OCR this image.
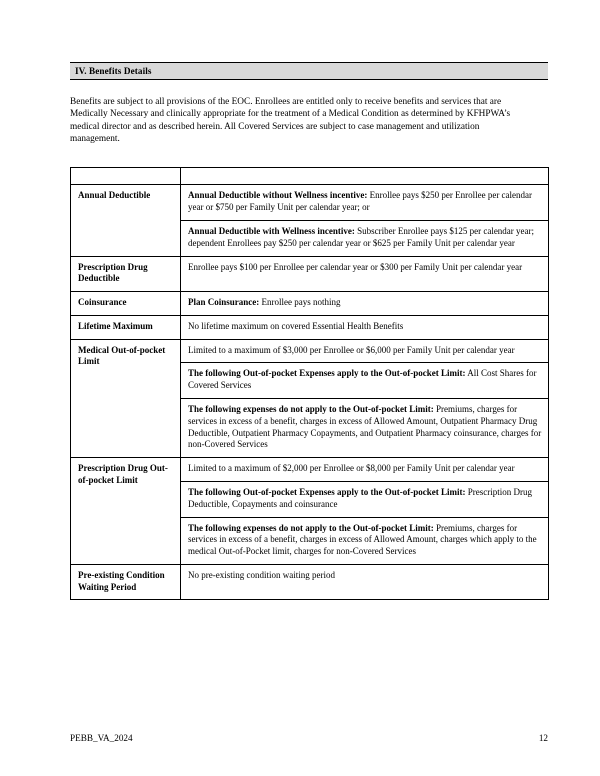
IV. Benefits Details

Benefits are subject to all provisions of the EOC. Enrollees are entitled only to receive benefits and services that are Medically Necessary and clinically appropriate for the treatment of a Medical Condition as determined by KFHPWA’s medical director and as described herein. All Covered Services are subject to case management and utilization management.

Annual Deductible	Annual Deductible without Wellness incentive: Enrollee pays $250 per Enrollee per calendar year or $750 per Family Unit per calendar year; or

	Annual Deductible with Wellness incentive: Subscriber Enrollee pays $125 per calendar year; dependent Enrollees pay $250 per calendar year or $625 per Family Unit per calendar year

Prescription Drug Deductible	Enrollee pays $100 per Enrollee per calendar year or $300 per Family Unit per calendar year
Coinsurance	Plan Coinsurance: Enrollee pays nothing

Lifetime Maximum	No lifetime maximum on covered Essential Health Benefits
Medical Out-of-pocket Limit	Limited to a maximum of $3,000 per Enrollee or $6,000 per Family Unit per calendar year

	The following Out-of-pocket Expenses apply to the Out-of-pocket Limit: All Cost Shares for Covered Services

	The following expenses do not apply to the Out-of-pocket Limit: Premiums, charges for services in excess of a benefit, charges in excess of Allowed Amount, Outpatient Pharmacy Drug Deductible, Outpatient Pharmacy Copayments, and Outpatient Pharmacy coinsurance, charges for non-Covered Services

Prescription Drug Out-of-pocket Limit	Limited to a maximum of $2,000 per Enrollee or $8,000 per Family Unit per calendar year

	The following Out-of-pocket Expenses apply to the Out-of-pocket Limit: Prescription Drug Deductible, Copayments and coinsurance

	The following expenses do not apply to the Out-of-pocket Limit: Premiums, charges for services in excess of a benefit, charges in excess of Allowed Amount, charges which apply to the medical Out-of-Pocket limit, charges for non-Covered Services

Pre-existing Condition Waiting Period	No pre-existing condition waiting period
PEBB_VA_2024	12
